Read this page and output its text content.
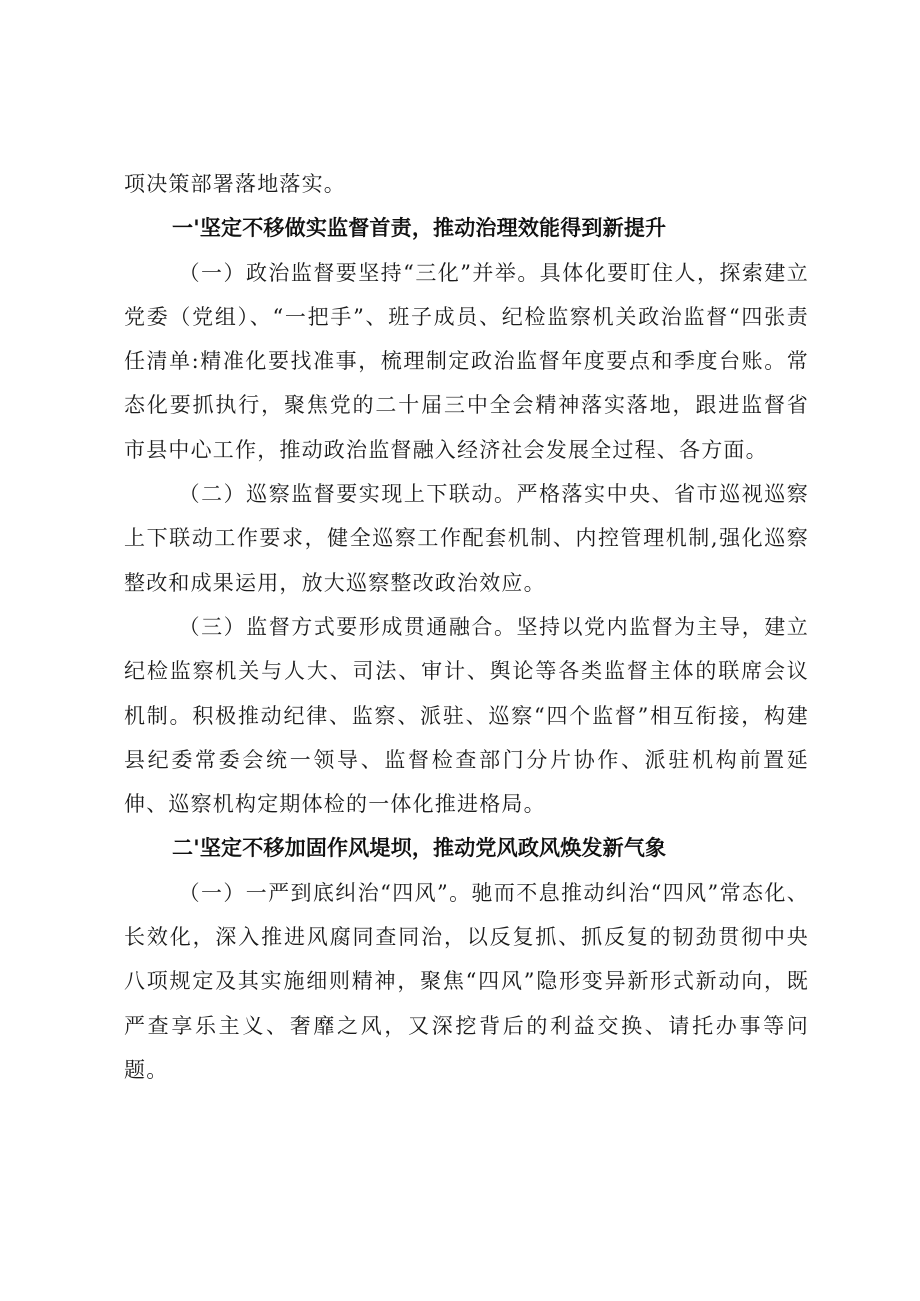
项决策部署落地落实。

一'坚定不移做实监督首责，推动治理效能得到新提升

（一）政治监督要坚持“三化”并举。具体化要盯住人，探索建立党委（党组）、“一把手”、班子成员、纪检监察机关政治监督“四张责任清单:精准化要找准事，梳理制定政治监督年度要点和季度台账。常态化要抓执行，聚焦党的二十届三中全会精神落实落地，跟进监督省市县中心工作，推动政治监督融入经济社会发展全过程、各方面。

（二）巡察监督要实现上下联动。严格落实中央、省市巡视巡察上下联动工作要求，健全巡察工作配套机制、内控管理机制,强化巡察整改和成果运用，放大巡察整改政治效应。

（三）监督方式要形成贯通融合。坚持以党内监督为主导，建立纪检监察机关与人大、司法、审计、舆论等各类监督主体的联席会议机制。积极推动纪律、监察、派驻、巡察“四个监督”相互衔接，构建县纪委常委会统一领导、监督检查部门分片协作、派驻机构前置延伸、巡察机构定期体检的一体化推进格局。

二'坚定不移加固作风堤坝，推动党风政风焕发新气象

（一）一严到底纠治“四风”。驰而不息推动纠治“四风”常态化、长效化，深入推进风腐同查同治，以反复抓、抓反复的韧劲贯彻中央八项规定及其实施细则精神，聚焦“四风”隐形变异新形式新动向，既严查享乐主义、奢靡之风，又深挖背后的利益交换、请托办事等问题。
